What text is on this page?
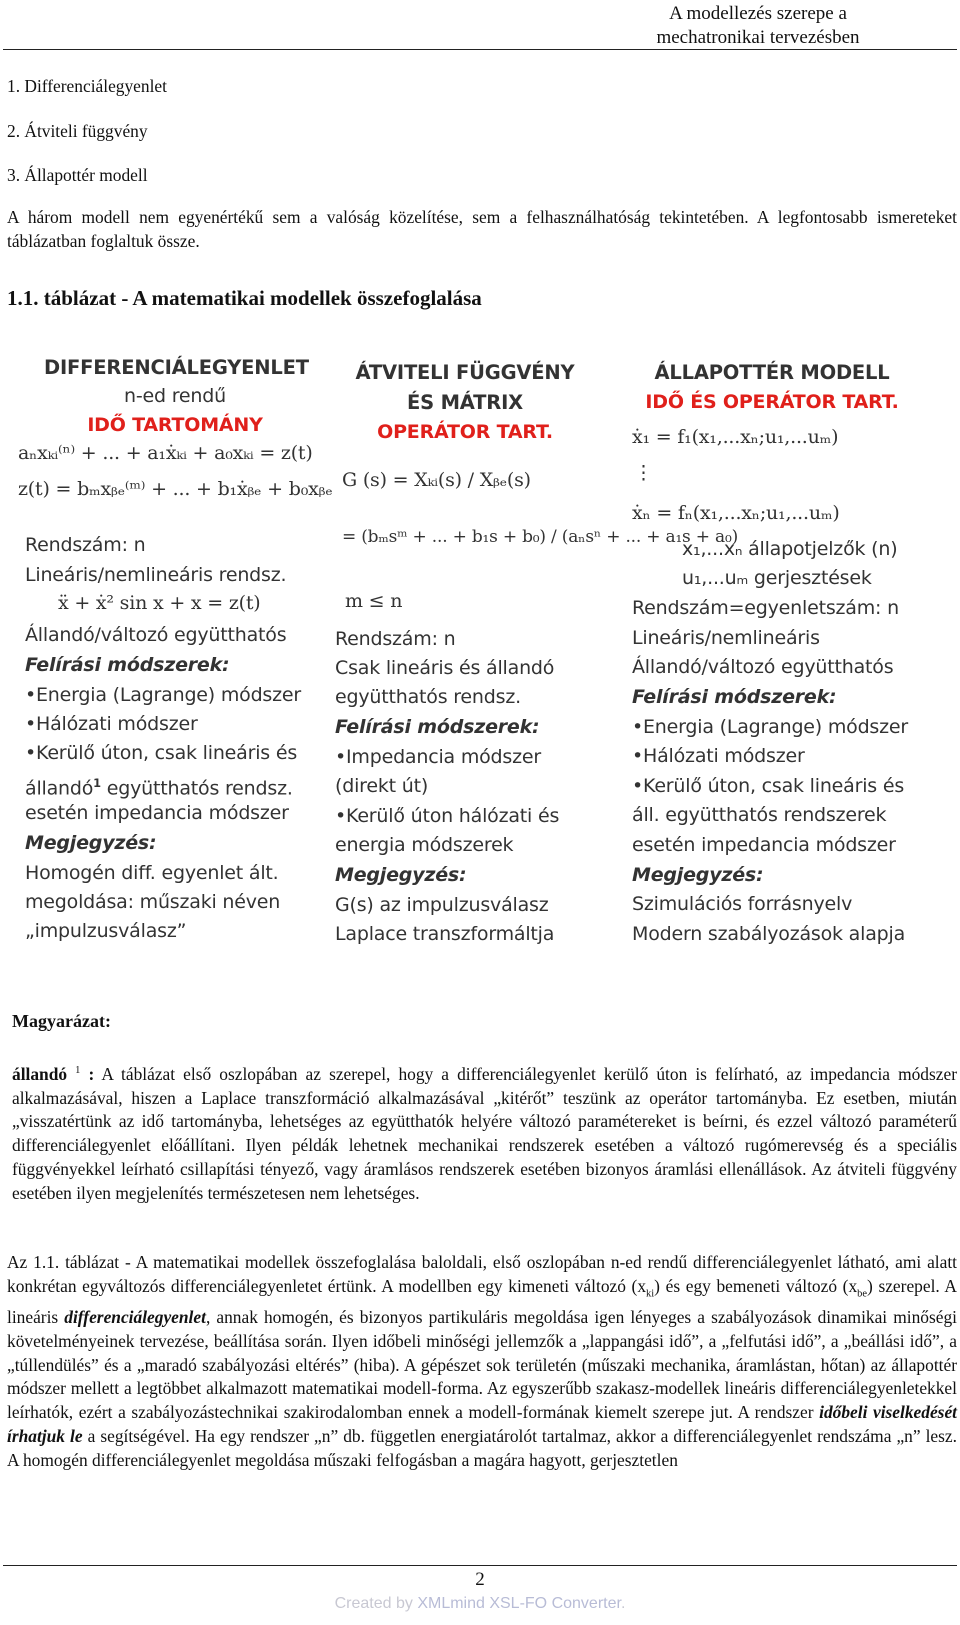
A modellezés szerepe a
mechatronikai tervezésben
1. Differenciálegyenlet
2. Átviteli függvény
3. Állapottér modell
A három modell nem egyenértékű sem a valóság közelítése, sem a felhasználhatóság tekintetében. A legfontosabb ismereteket táblázatban foglaltuk össze.
1.1. táblázat - A matematikai modellek összefoglalása
DIFFERENCIÁLEGYENLET
n-ed rendű
IDŐ TARTOMÁNY
aₙxₖᵢ⁽ⁿ⁾ + ... + a₁ẋₖᵢ + a₀xₖᵢ = z(t)
z(t) = bₘxᵦₑ⁽ᵐ⁾ + ... + b₁ẋᵦₑ + b₀xᵦₑ
Rendszám: n
Lineáris/nemlineáris rendsz.
ẍ + ẋ² sin x + x = z(t)
Állandó/változó együtthatós
Felírási módszerek:
•Energia (Lagrange) módszer
•Hálózati módszer
•Kerülő úton, csak lineáris és
állandó$^1$ együtthatós rendsz.
esetén impedancia módszer
Megjegyzés:
Homogén diff. egyenlet ált.
megoldása: műszaki néven
„impulzusválasz”
ÁTVITELI FÜGGVÉNY
ÉS MÁTRIX
OPERÁTOR TART.
G (s) = Xₖᵢ(s) / Xᵦₑ(s)
= (bₘsᵐ + ... + b₁s + b₀) / (aₙsⁿ + ... + a₁s + a₀)
m ≤ n
Rendszám: n
Csak lineáris és állandó
együtthatós rendsz.
Felírási módszerek:
•Impedancia módszer
(direkt út)
•Kerülő úton hálózati és
energia módszerek
Megjegyzés:
G(s) az impulzusválasz
Laplace transzformáltja
ÁLLAPOTTÉR MODELL
IDŐ ÉS OPERÁTOR TART.
ẋ₁ = f₁(x₁,...xₙ;u₁,...uₘ)
⋮
ẋₙ = fₙ(x₁,...xₙ;u₁,...uₘ)
x₁,...xₙ állapotjelzők (n)
u₁,...uₘ gerjesztések
Rendszám=egyenletszám: n
Lineáris/nemlineáris
Állandó/változó együtthatós
Felírási módszerek:
•Energia (Lagrange) módszer
•Hálózati módszer
•Kerülő úton, csak lineáris és
áll. együtthatós rendszerek
esetén impedancia módszer
Megjegyzés:
Szimulációs forrásnyelv
Modern szabályozások alapja
Magyarázat:
állandó $^1$ : A táblázat első oszlopában az szerepel, hogy a differenciálegyenlet kerülő úton is felírható, az impedancia módszer alkalmazásával, hiszen a Laplace transzformáció alkalmazásával „kitérőt” teszünk az operátor tartományba. Ez esetben, miután „visszatértünk az idő tartományba, lehetséges az együtthatók helyére változó paramétereket is beírni, és ezzel változó paraméterű differenciálegyenlet előállítani. Ilyen példák lehetnek mechanikai rendszerek esetében a változó rugómerevség és a speciális függvényekkel leírható csillapítási tényező, vagy áramlásos rendszerek esetében bizonyos áramlási ellenállások. Az átviteli függvény esetében ilyen megjelenítés természetesen nem lehetséges.
Az 1.1. táblázat - A matematikai modellek összefoglalása baloldali, első oszlopában n-ed rendű differenciálegyenlet látható, ami alatt konkrétan egyváltozós differenciálegyenletet értünk. A modellben egy kimeneti változó $(x_{ki})$ és egy bemeneti változó $(x_{be})$ szerepel. A lineáris differenciálegyenlet, annak homogén, és bizonyos partikuláris megoldása igen lényeges a szabályozások dinamikai minőségi követelményeinek tervezése, beállítása során. Ilyen időbeli minőségi jellemzők a „lappangási idő”, a „felfutási idő”, a „beállási idő”, a „túllendülés” és a „maradó szabályozási eltérés” (hiba). A gépészet sok területén (műszaki mechanika, áramlástan, hőtan) az állapottér módszer mellett a legtöbbet alkalmazott matematikai modell-forma. Az egyszerűbb szakasz-modellek lineáris differenciálegyenletekkel leírhatók, ezért a szabályozástechnikai szakirodalomban ennek a modell-formának kiemelt szerepe jut. A rendszer időbeli viselkedését írhatjuk le a segítségével. Ha egy rendszer „n” db. független energiatárolót tartalmaz, akkor a differenciálegyenlet rendszáma „n” lesz. A homogén differenciálegyenlet megoldása műszaki felfogásban a magára hagyott, gerjesztetlen
2
Created by XMLmind XSL-FO Converter.
